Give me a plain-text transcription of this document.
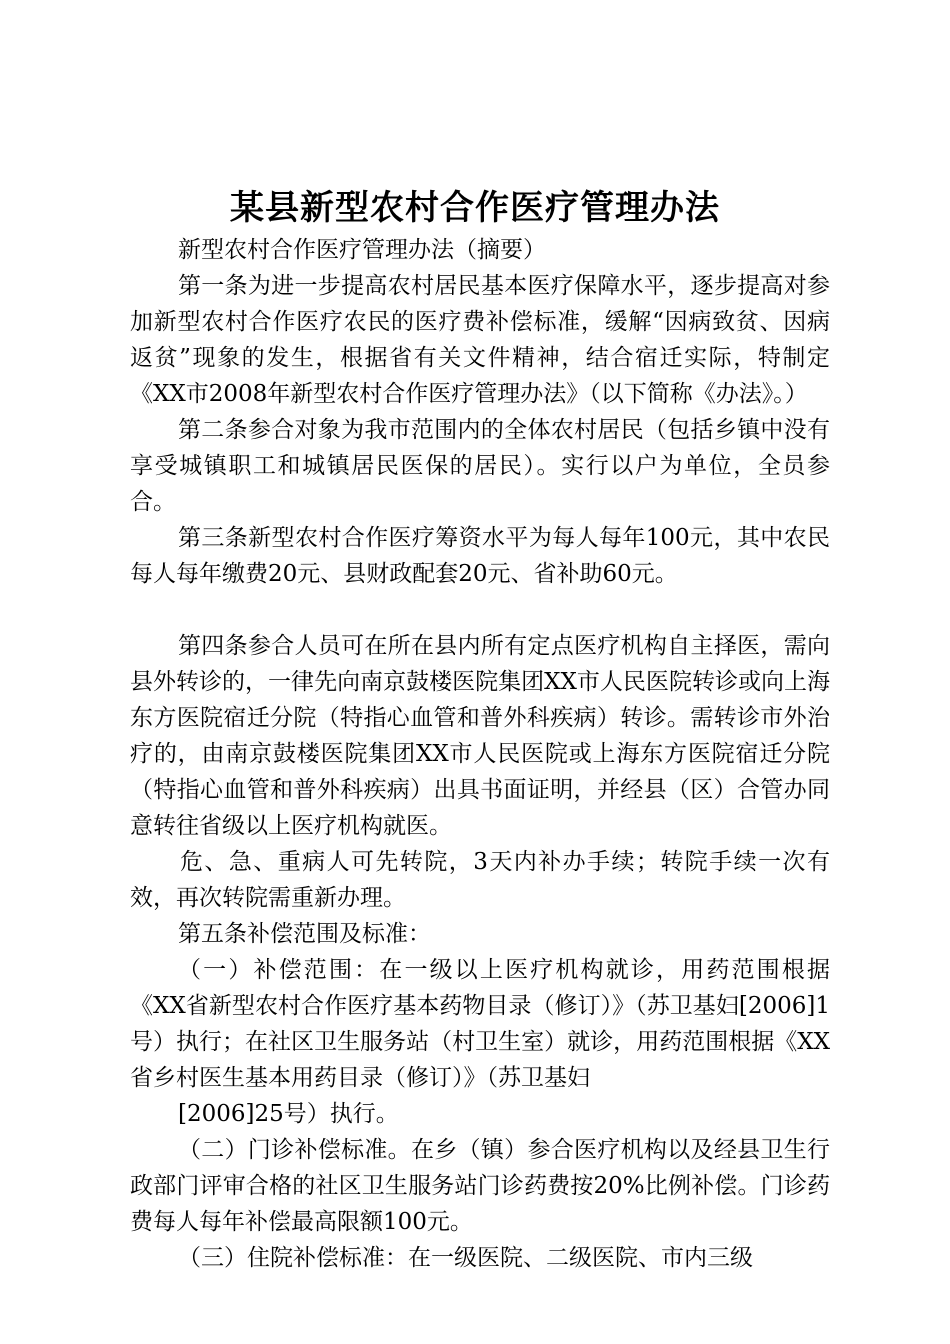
某县新型农村合作医疗管理办法

新型农村合作医疗管理办法（摘要）

第一条为进一步提高农村居民基本医疗保障水平，逐步提高对参加新型农村合作医疗农民的医疗费补偿标准，缓解“因病致贫、因病返贫”现象的发生，根据省有关文件精神，结合宿迁实际，特制定《XX市2008年新型农村合作医疗管理办法》（以下简称《办法》。）

第二条参合对象为我市范围内的全体农村居民（包括乡镇中没有享受城镇职工和城镇居民医保的居民）。实行以户为单位，全员参合。

第三条新型农村合作医疗筹资水平为每人每年100元，其中农民每人每年缴费20元、县财政配套20元、省补助60元。

第四条参合人员可在所在县内所有定点医疗机构自主择医，需向县外转诊的，一律先向南京鼓楼医院集团XX市人民医院转诊或向上海东方医院宿迁分院（特指心血管和普外科疾病）转诊。需转诊市外治疗的，由南京鼓楼医院集团XX市人民医院或上海东方医院宿迁分院（特指心血管和普外科疾病）出具书面证明，并经县（区）合管办同意转往省级以上医疗机构就医。

危、急、重病人可先转院，3天内补办手续；转院手续一次有效，再次转院需重新办理。

第五条补偿范围及标准：

（一）补偿范围：在一级以上医疗机构就诊，用药范围根据《XX省新型农村合作医疗基本药物目录（修订）》（苏卫基妇[2006]1号）执行；在社区卫生服务站（村卫生室）就诊，用药范围根据《XX省乡村医生基本用药目录（修订）》（苏卫基妇

[2006]25号）执行。

（二）门诊补偿标准。在乡（镇）参合医疗机构以及经县卫生行政部门评审合格的社区卫生服务站门诊药费按20%比例补偿。门诊药费每人每年补偿最高限额100元。

（三）住院补偿标准：在一级医院、二级医院、市内三级
